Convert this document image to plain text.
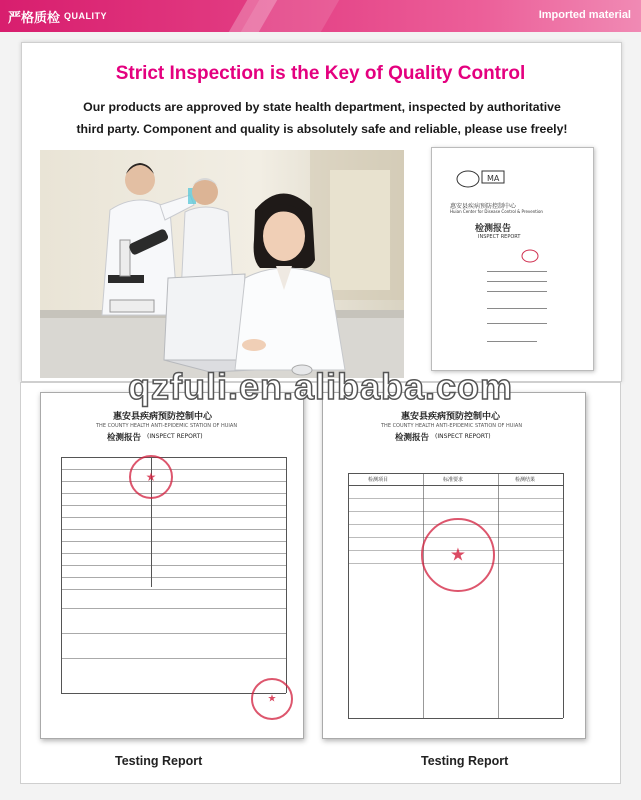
严格质检 QUALITY	Imported material
Strict Inspection is the Key of Quality Control
Our products are approved by state health department, inspected by authoritative
third party. Component and quality is absolutely safe and reliable, please use freely!
MA
惠安县疾病预防控制中心
Huian Center for Disease Control & Prevention
检测报告
INSPECT REPORT
惠安县疾病预防控制中心
THE COUNTY HEALTH ANTI-EPIDEMIC STATION OF HUIAN
检测报告 (INSPECT REPORT)
★
★
惠安县疾病预防控制中心
THE COUNTY HEALTH ANTI-EPIDEMIC STATION OF HUIAN
检测报告 (INSPECT REPORT)
检测项目	标准要求	检测结果
★
qzfuli.en.alibaba.com
Testing Report	Testing Report
